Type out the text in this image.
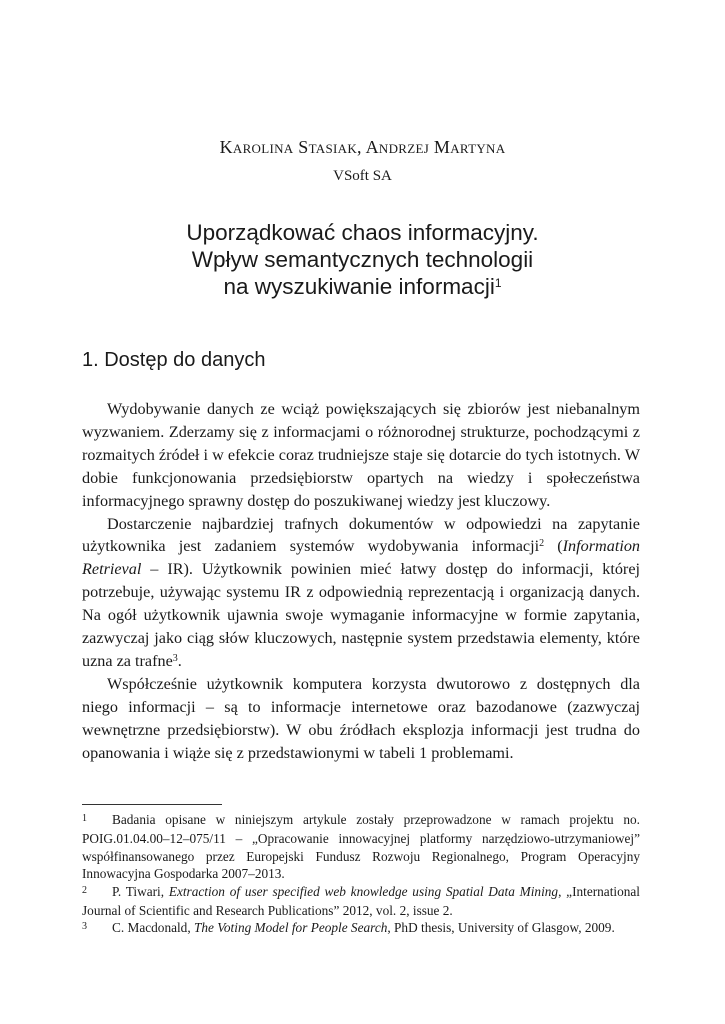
Karolina Stasiak, Andrzej Martyna
VSoft SA
Uporządkować chaos informacyjny.
Wpływ semantycznych technologii
na wyszukiwanie informacji$^1$
1. Dostęp do danych

Wydobywanie danych ze wciąż powiększających się zbiorów jest niebanalnym wyzwaniem. Zderzamy się z informacjami o różnorodnej strukturze, pochodzącymi z rozmaitych źródeł i w efekcie coraz trudniejsze staje się dotarcie do tych istotnych. W dobie funkcjonowania przedsiębiorstw opartych na wiedzy i społeczeństwa informacyjnego sprawny dostęp do poszukiwanej wiedzy jest kluczowy.

Dostarczenie najbardziej trafnych dokumentów w odpowiedzi na zapytanie użytkownika jest zadaniem systemów wydobywania informacji$^2$ (Information Retrieval – IR). Użytkownik powinien mieć łatwy dostęp do informacji, której potrzebuje, używając systemu IR z odpowiednią reprezentacją i organizacją danych. Na ogół użytkownik ujawnia swoje wymaganie informacyjne w formie zapytania, zazwyczaj jako ciąg słów kluczowych, następnie system przedstawia elementy, które uzna za trafne$^3$.

Współcześnie użytkownik komputera korzysta dwutorowo z dostępnych dla niego informacji – są to informacje internetowe oraz bazodanowe (zazwyczaj wewnętrzne przedsiębiorstw). W obu źródłach eksplozja informacji jest trudna do opanowania i wiąże się z przedstawionymi w tabeli 1 problemami.

1 Badania opisane w niniejszym artykule zostały przeprowadzone w ramach projektu no. POIG.01.04.00–12–075/11 – „Opracowanie innowacyjnej platformy narzędziowo-utrzymaniowej” współfinansowanego przez Europejski Fundusz Rozwoju Regionalnego, Program Operacyjny Innowacyjna Gospodarka 2007–2013.

2 P. Tiwari, Extraction of user specified web knowledge using Spatial Data Mining, „International Journal of Scientific and Research Publications” 2012, vol. 2, issue 2.

3 C. Macdonald, The Voting Model for People Search, PhD thesis, University of Glasgow, 2009.
